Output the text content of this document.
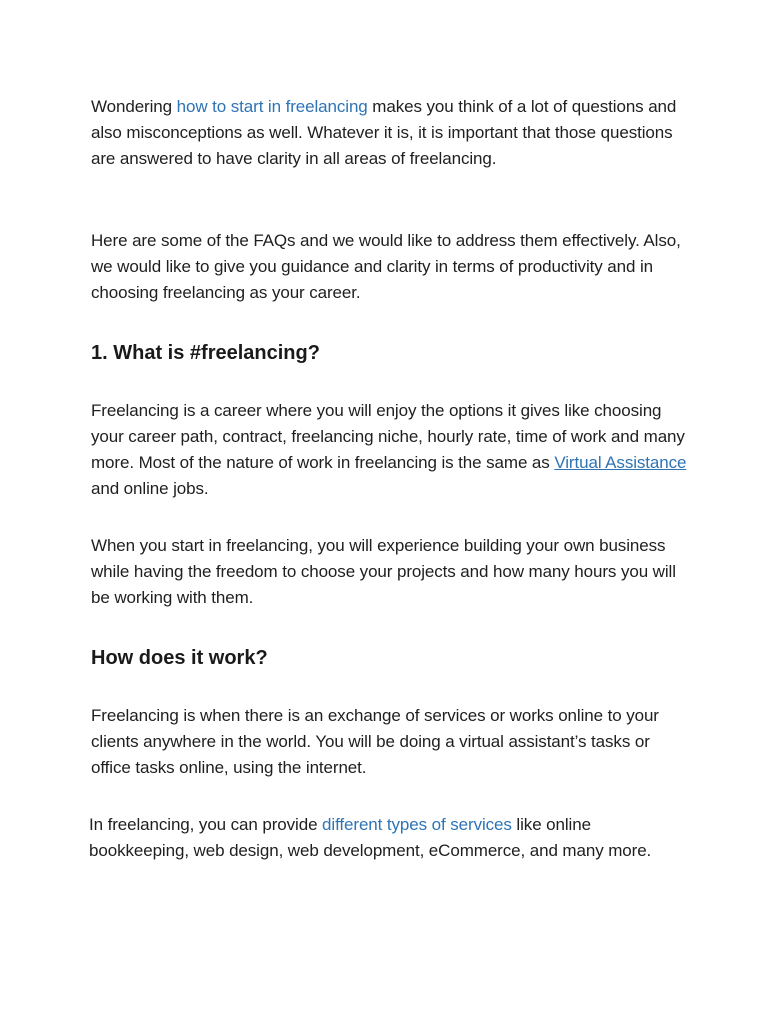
Wondering how to start in freelancing makes you think of a lot of questions and also misconceptions as well. Whatever it is, it is important that those questions are answered to have clarity in all areas of freelancing.

Here are some of the FAQs and we would like to address them effectively. Also, we would like to give you guidance and clarity in terms of productivity and in choosing freelancing as your career.

1. What is #freelancing?

Freelancing is a career where you will enjoy the options it gives like choosing your career path, contract, freelancing niche, hourly rate, time of work and many more. Most of the nature of work in freelancing is the same as Virtual Assistance and online jobs.

When you start in freelancing, you will experience building your own business while having the freedom to choose your projects and how many hours you will be working with them.

How does it work?

Freelancing is when there is an exchange of services or works online to your clients anywhere in the world. You will be doing a virtual assistant’s tasks or office tasks online, using the internet.

In freelancing, you can provide different types of services like online bookkeeping, web design, web development, eCommerce, and many more.
